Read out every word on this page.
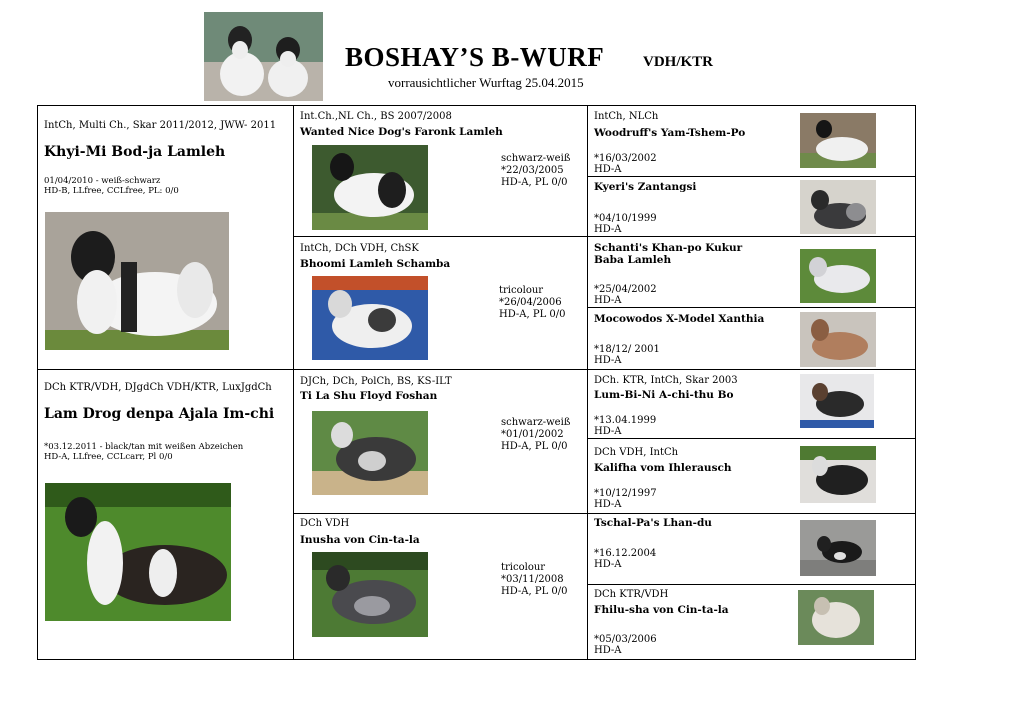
BOSHAY’S B-WURF	VDH/KTR
vorrausichtlicher Wurftag 25.04.2015
IntCh, Multi Ch., Skar 2011/2012, JWW- 2011
Khyi-Mi Bod-ja Lamleh
01/04/2010 - weiß-schwarz
HD-B, LLfree, CCLfree, PL: 0/0
DCh KTR/VDH, DJgdCh VDH/KTR, LuxJgdCh
Lam Drog denpa Ajala Im-chi
*03.12.2011 - black/tan mit weißen Abzeichen
HD-A, LLfree, CCLcarr, Pl 0/0
Int.Ch.,NL Ch., BS 2007/2008
Wanted Nice Dog's Faronk Lamleh
schwarz-weiß
*22/03/2005
HD-A, PL 0/0
IntCh, DCh VDH, ChSK
Bhoomi Lamleh Schamba
tricolour
*26/04/2006
HD-A, PL 0/0
DJCh, DCh, PolCh, BS, KS-ILT
Ti La Shu Floyd Foshan
schwarz-weiß
*01/01/2002
HD-A, PL 0/0
DCh VDH
Inusha von Cin-ta-la
tricolour
*03/11/2008
HD-A, PL 0/0
IntCh, NLCh
Woodruff's Yam-Tshem-Po
*16/03/2002
HD-A
Kyeri's Zantangsi
*04/10/1999
HD-A
Schanti's Khan-po Kukur
Baba Lamleh
*25/04/2002
HD-A
Mocowodos X-Model Xanthia
*18/12/ 2001
HD-A
DCh. KTR, IntCh, Skar 2003
Lum-Bi-Ni A-chi-thu Bo
*13.04.1999
HD-A
DCh VDH, IntCh
Kalifha vom Ihlerausch
*10/12/1997
HD-A
Tschal-Pa's Lhan-du
*16.12.2004
HD-A
DCh KTR/VDH
Fhilu-sha von Cin-ta-la
*05/03/2006
HD-A
